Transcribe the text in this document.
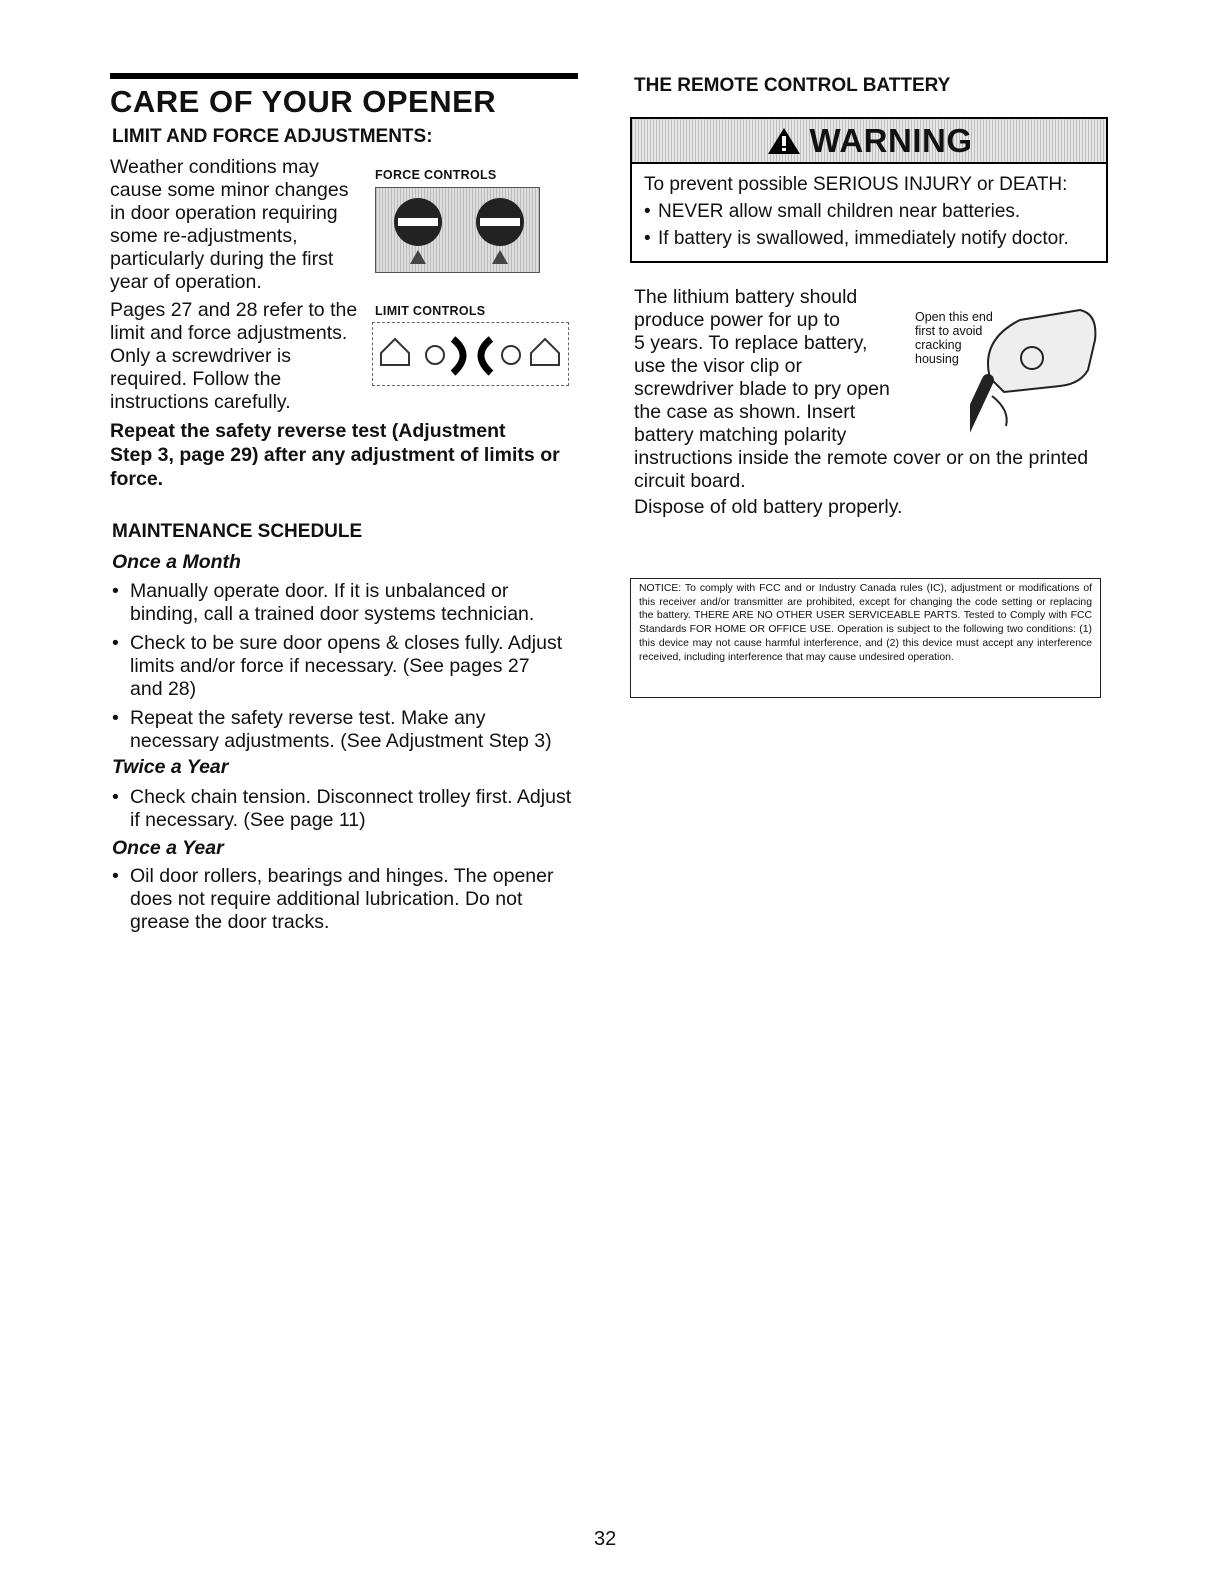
CARE OF YOUR OPENER
LIMIT AND FORCE ADJUSTMENTS:
Weather conditions may
cause some minor changes
in door operation requiring
some re-adjustments,
particularly during the first
year of operation.
FORCE CONTROLS
Pages 27 and 28 refer to the
limit and force adjustments.
Only a screwdriver is
required. Follow the
instructions carefully.
LIMIT CONTROLS
Repeat the safety reverse test (Adjustment
Step 3, page 29) after any adjustment of limits or
force.
MAINTENANCE SCHEDULE
Once a Month
• Manually operate door. If it is unbalanced or
binding, call a trained door systems technician.
• Check to be sure door opens & closes fully. Adjust
limits and/or force if necessary. (See pages 27
and 28)
• Repeat the safety reverse test. Make any
necessary adjustments. (See Adjustment Step 3)
Twice a Year
• Check chain tension. Disconnect trolley first. Adjust
if necessary. (See page 11)
Once a Year
• Oil door rollers, bearings and hinges. The opener
does not require additional lubrication. Do not
grease the door tracks.
THE REMOTE CONTROL BATTERY
WARNING
To prevent possible SERIOUS INJURY or DEATH:
• NEVER allow small children near batteries.
• If battery is swallowed, immediately notify doctor.
The lithium battery should
produce power for up to
5 years. To replace battery,
use the visor clip or
screwdriver blade to pry open
the case as shown. Insert
battery matching polarity
instructions inside the remote cover or on the printed
circuit board.
Open this end
first to avoid
cracking
housing
Dispose of old battery properly.
NOTICE: To comply with FCC and or Industry Canada rules (IC), adjustment or modifications of this receiver and/or transmitter are prohibited, except for changing the code setting or replacing the battery. THERE ARE NO OTHER USER SERVICEABLE PARTS. Tested to Comply with FCC Standards FOR HOME OR OFFICE USE. Operation is subject to the following two conditions: (1) this device may not cause harmful interference, and (2) this device must accept any interference received, including interference that may cause undesired operation.
32
